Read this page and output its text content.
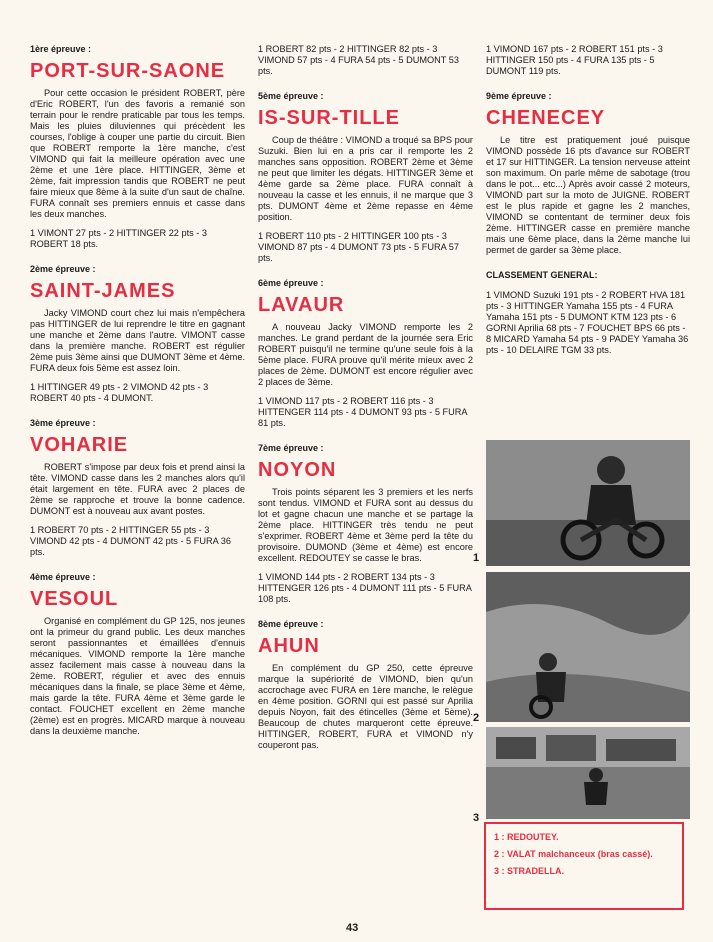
1ère épreuve :

PORT-SUR-SAONE

Pour cette occasion le président ROBERT, père d'Eric ROBERT, l'un des favoris a remanié son terrain pour le rendre praticable par tous les temps. Mais les pluies diluviennes qui précèdent les courses, l'oblige à couper une partie du circuit. Bien que ROBERT remporte la 1ère manche, c'est VIMOND qui fait la meilleure opération avec une 2ème et une 1ère place. HITTINGER, 3ème et 2ème, fait impression tandis que ROBERT ne peut faire mieux que 8ème à la suite d'un saut de chaîne. FURA connaît ses premiers ennuis et casse dans les deux manches.

1 VIMONT 27 pts - 2 HITTINGER 22 pts - 3 ROBERT 18 pts.

2ème épreuve :

SAINT-JAMES

Jacky VIMOND court chez lui mais n'empêchera pas HITTINGER de lui reprendre le titre en gagnant une manche et 2ème dans l'autre. VIMONT casse dans la première manche. ROBERT est régulier 2ème puis 3ème ainsi que DUMONT 3ème et 4ème. FURA deux fois 5ème est assez loin.

1 HITTINGER 49 pts - 2 VIMOND 42 pts - 3 ROBERT 40 pts - 4 DUMONT.

3ème épreuve :

VOHARIE

ROBERT s'impose par deux fois et prend ainsi la tête. VIMOND casse dans les 2 manches alors qu'il était largement en tête. FURA avec 2 places de 2ème se rapproche et trouve la bonne cadence. DUMONT est à nouveau aux avant postes.

1 ROBERT 70 pts - 2 HITTINGER 55 pts - 3 VIMOND 42 pts - 4 DUMONT 42 pts - 5 FURA 36 pts.

4ème épreuve :

VESOUL

Organisé en complément du GP 125, nos jeunes ont la primeur du grand public. Les deux manches seront passionnantes et émaillées d'ennuis mécaniques. VIMOND remporte la 1ère manche assez facilement mais casse à nouveau dans la 2ème. ROBERT, régulier et avec des ennuis mécaniques dans la finale, se place 3ème et 4ème, mais garde la tête. FURA 4ème et 3ème garde le contact. FOUCHET excellent en 2ème manche (2ème) est en progrès. MICARD marque à nouveau dans la deuxième manche.

1 ROBERT 82 pts - 2 HITTINGER 82 pts - 3 VIMOND 57 pts - 4 FURA 54 pts - 5 DUMONT 53 pts.

5ème épreuve :

IS-SUR-TILLE

Coup de théâtre : VIMOND a troqué sa BPS pour Suzuki. Bien lui en a pris car il remporte les 2 manches sans opposition. ROBERT 2ème et 3ème ne peut que limiter les dégats. HITTINGER 3ème et 4ème garde sa 2ème place. FURA connaît à nouveau la casse et les ennuis, il ne marque que 3 pts. DUMONT 4ème et 2ème repasse en 4ème position.

1 ROBERT 110 pts - 2 HITTINGER 100 pts - 3 VIMOND 87 pts - 4 DUMONT 73 pts - 5 FURA 57 pts.

6ème épreuve :

LAVAUR

A nouveau Jacky VIMOND remporte les 2 manches. Le grand perdant de la journée sera Eric ROBERT puisqu'il ne termine qu'une seule fois à la 5ème place. FURA prouve qu'il mérite mieux avec 2 places de 2ème. DUMONT est encore régulier avec 2 places de 3ème.

1 VIMOND 117 pts - 2 ROBERT 116 pts - 3 HITTENGER 114 pts - 4 DUMONT 93 pts - 5 FURA 81 pts.

7ème épreuve :

NOYON

Trois points séparent les 3 premiers et les nerfs sont tendus. VIMOND et FURA sont au dessus du lot et gagne chacun une manche et se partage la 2ème place. HITTINGER très tendu ne peut s'exprimer. ROBERT 4ème et 3ème perd la tête du provisoire. DUMOND (3ème et 4ème) est encore excellent. REDOUTEY se casse le bras.

1 VIMOND 144 pts - 2 ROBERT 134 pts - 3 HITTENGER 126 pts - 4 DUMONT 111 pts - 5 FURA 108 pts.

8ème épreuve :

AHUN

En complément du GP 250, cette épreuve marque la supériorité de VIMOND, bien qu'un accrochage avec FURA en 1ère manche, le relègue en 4ème position. GORNI qui est passé sur Aprilia depuis Noyon, fait des étincelles (3ème et 5ème). Beaucoup de chutes marqueront cette épreuve. HITTINGER, ROBERT, FURA et VIMOND n'y couperont pas.

1 VIMOND 167 pts - 2 ROBERT 151 pts - 3 HITTINGER 150 pts - 4 FURA 135 pts - 5 DUMONT 119 pts.

9ème épreuve :

CHENECEY

Le titre est pratiquement joué puisque VIMOND possède 16 pts d'avance sur ROBERT et 17 sur HITTINGER. La tension nerveuse atteint son maximum. On parle même de sabotage (trou dans le pot... etc...) Après avoir cassé 2 moteurs, VIMOND part sur la moto de JUIGNE. ROBERT est le plus rapide et gagne les 2 manches, VIMOND se contentant de terminer deux fois 2ème. HITTINGER casse en première manche mais une 6ème place, dans la 2ème manche lui permet de garder sa 3ème place.

CLASSEMENT GENERAL:

1 VIMOND Suzuki 191 pts - 2 ROBERT HVA 181 pts - 3 HITTINGER Yamaha 155 pts - 4 FURA Yamaha 151 pts - 5 DUMONT KTM 123 pts - 6 GORNI Aprilia 68 pts - 7 FOUCHET BPS 66 pts - 8 MICARD Yamaha 54 pts - 9 PADEY Yamaha 36 pts - 10 DELAIRE TGM 33 pts.

1
2
3

1 : REDOUTEY.

2 : VALAT malchanceux (bras cassé).

3 : STRADELLA.

43
